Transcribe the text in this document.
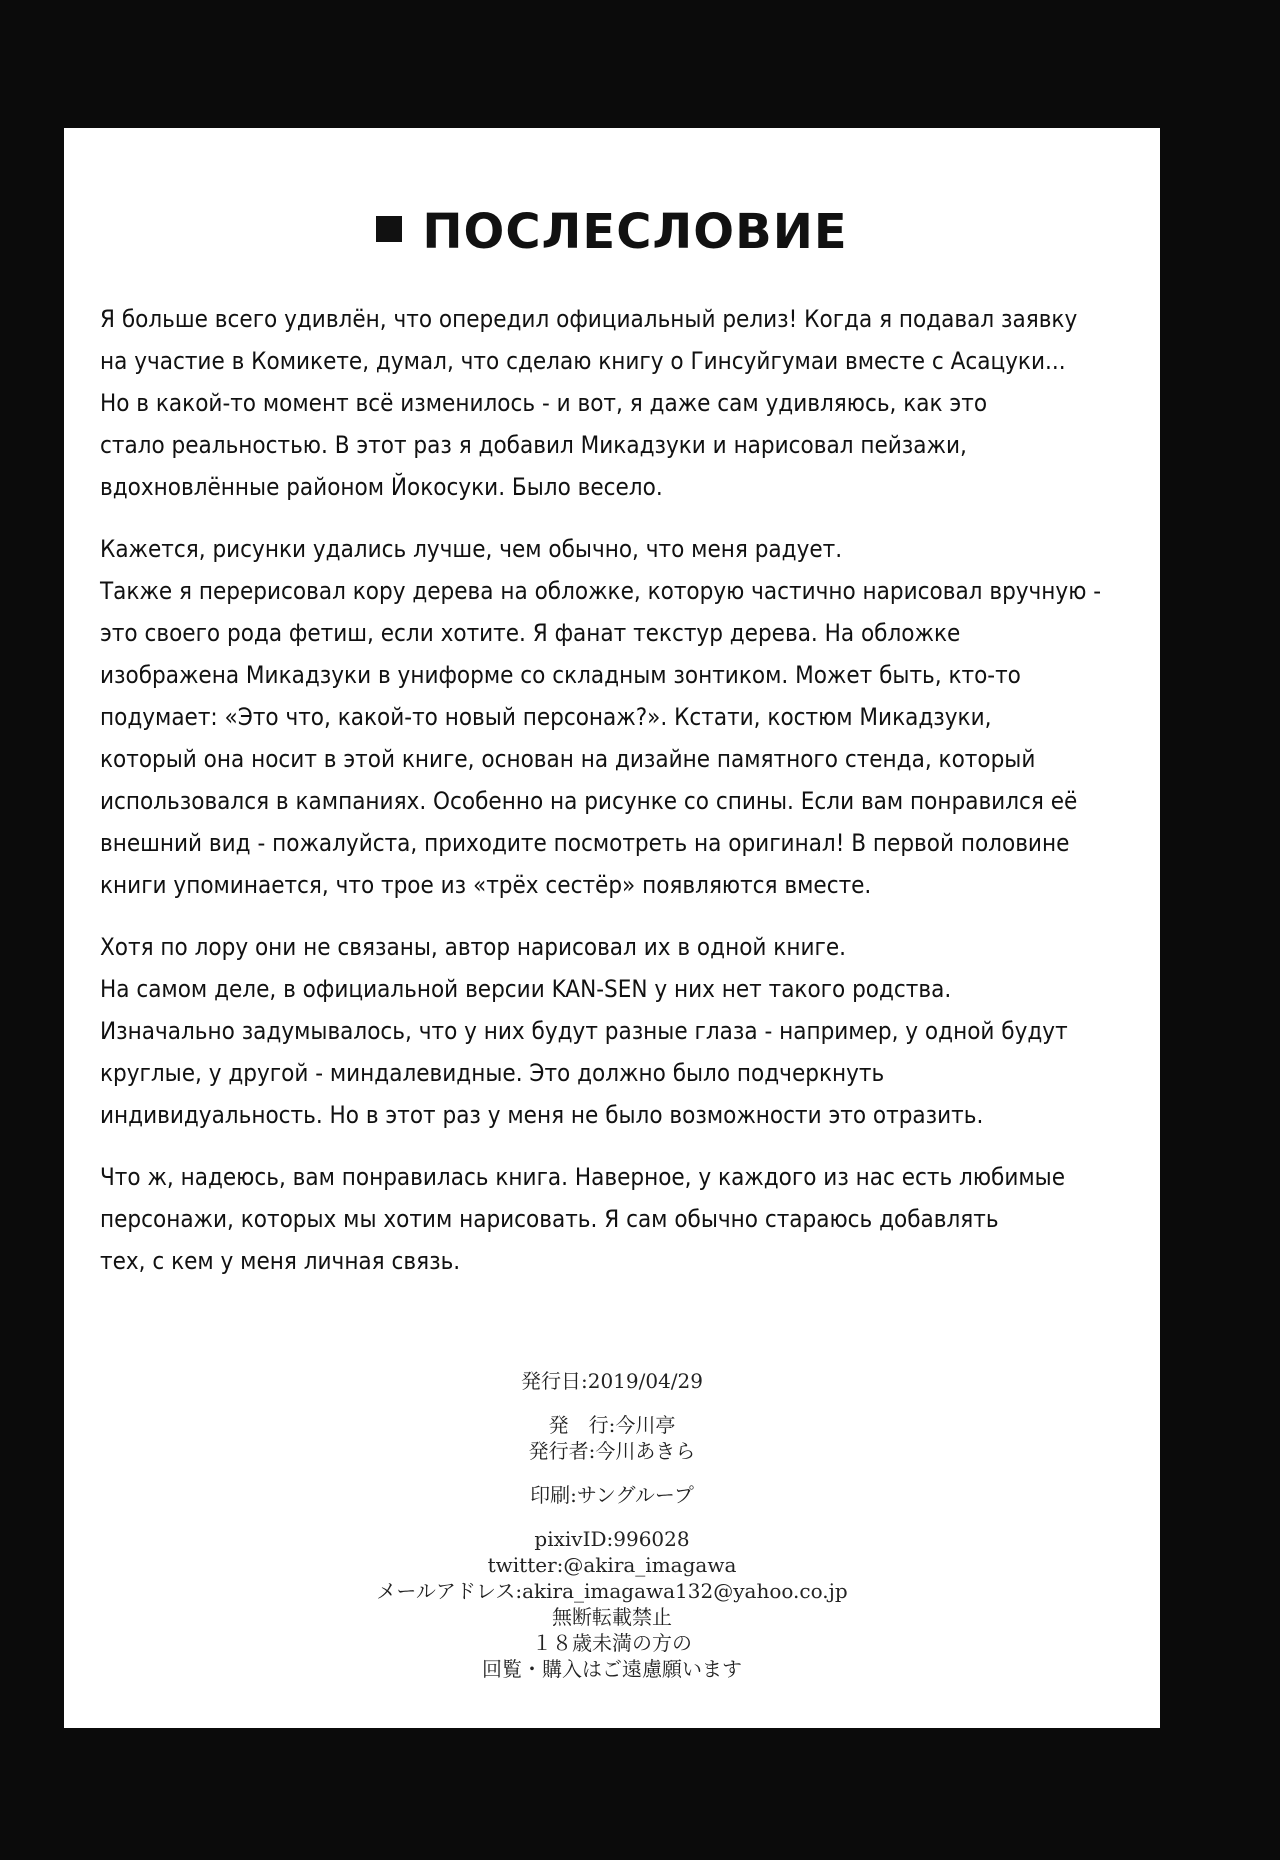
ПОСЛЕСЛОВИЕ
Я больше всего удивлён, что опередил официальный релиз! Когда я подавал заявку
на участие в Комикете, думал, что сделаю книгу о Гинсуйгумаи вместе с Асацуки...
Но в какой-то момент всё изменилось - и вот, я даже сам удивляюсь, как это
стало реальностью. В этот раз я добавил Микадзуки и нарисовал пейзажи,
вдохновлённые районом Йокосуки. Было весело.
Кажется, рисунки удались лучше, чем обычно, что меня радует.
Также я перерисовал кору дерева на обложке, которую частично нарисовал вручную -
это своего рода фетиш, если хотите. Я фанат текстур дерева. На обложке
изображена Микадзуки в униформе со складным зонтиком. Может быть, кто-то
подумает: «Это что, какой-то новый персонаж?». Кстати, костюм Микадзуки,
который она носит в этой книге, основан на дизайне памятного стенда, который
использовался в кампаниях. Особенно на рисунке со спины. Если вам понравился её
внешний вид - пожалуйста, приходите посмотреть на оригинал! В первой половине
книги упоминается, что трое из «трёх сестёр» появляются вместе.
Хотя по лору они не связаны, автор нарисовал их в одной книге.
На самом деле, в официальной версии KAN-SEN у них нет такого родства.
Изначально задумывалось, что у них будут разные глаза - например, у одной будут
круглые, у другой - миндалевидные. Это должно было подчеркнуть
индивидуальность. Но в этот раз у меня не было возможности это отразить.
Что ж, надеюсь, вам понравилась книга. Наверное, у каждого из нас есть любимые
персонажи, которых мы хотим нарисовать. Я сам обычно стараюсь добавлять
тех, с кем у меня личная связь.
発行日:2019/04/29
発　行:今川亭
発行者:今川あきら
印刷:サングループ
pixivID:996028
twitter:@akira_imagawa
メールアドレス:akira_imagawa132@yahoo.co.jp
無断転載禁止
１８歳未満の方の
回覧・購入はご遠慮願います
